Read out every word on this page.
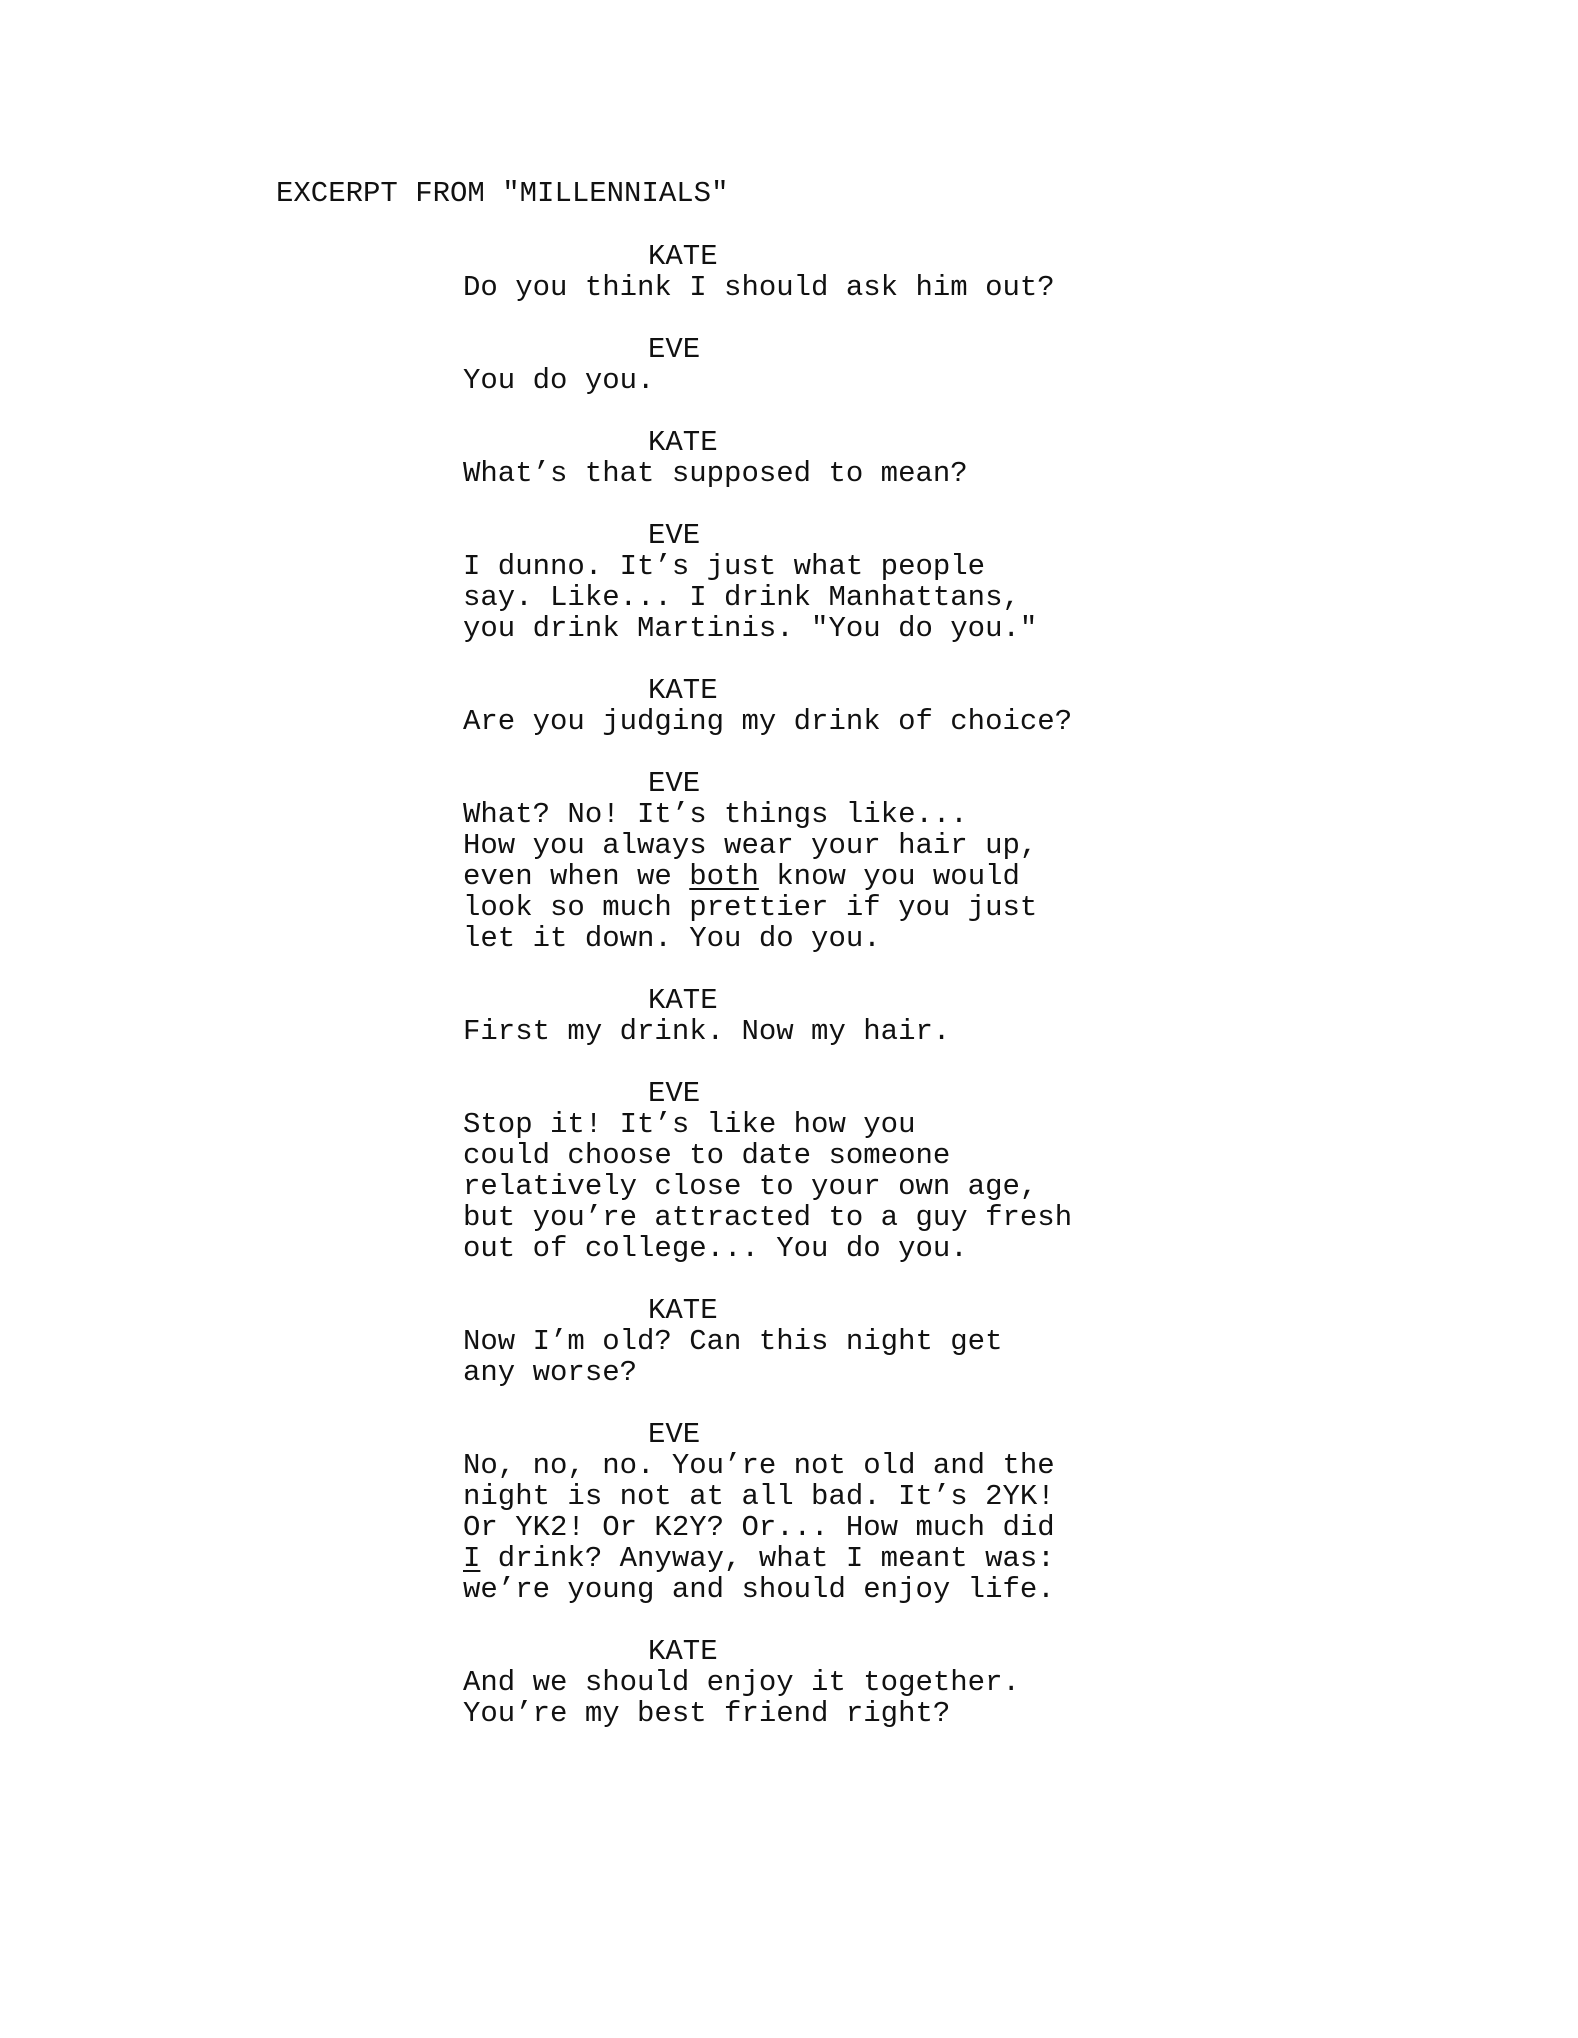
EXCERPT FROM "MILLENNIALS"
KATE
Do you think I should ask him out?
EVE
You do you.
KATE
What’s that supposed to mean?
EVE
I dunno. It’s just what people
say. Like... I drink Manhattans,
you drink Martinis. "You do you."
KATE
Are you judging my drink of choice?
EVE
What? No! It’s things like...
How you always wear your hair up,
even when we both know you would
look so much prettier if you just
let it down. You do you.
KATE
First my drink. Now my hair.
EVE
Stop it! It’s like how you
could choose to date someone
relatively close to your own age,
but you’re attracted to a guy fresh
out of college... You do you.
KATE
Now I’m old? Can this night get
any worse?
EVE
No, no, no. You’re not old and the
night is not at all bad. It’s 2YK!
Or YK2! Or K2Y? Or... How much did
I drink? Anyway, what I meant was:
we’re young and should enjoy life.
KATE
And we should enjoy it together.
You’re my best friend right?
